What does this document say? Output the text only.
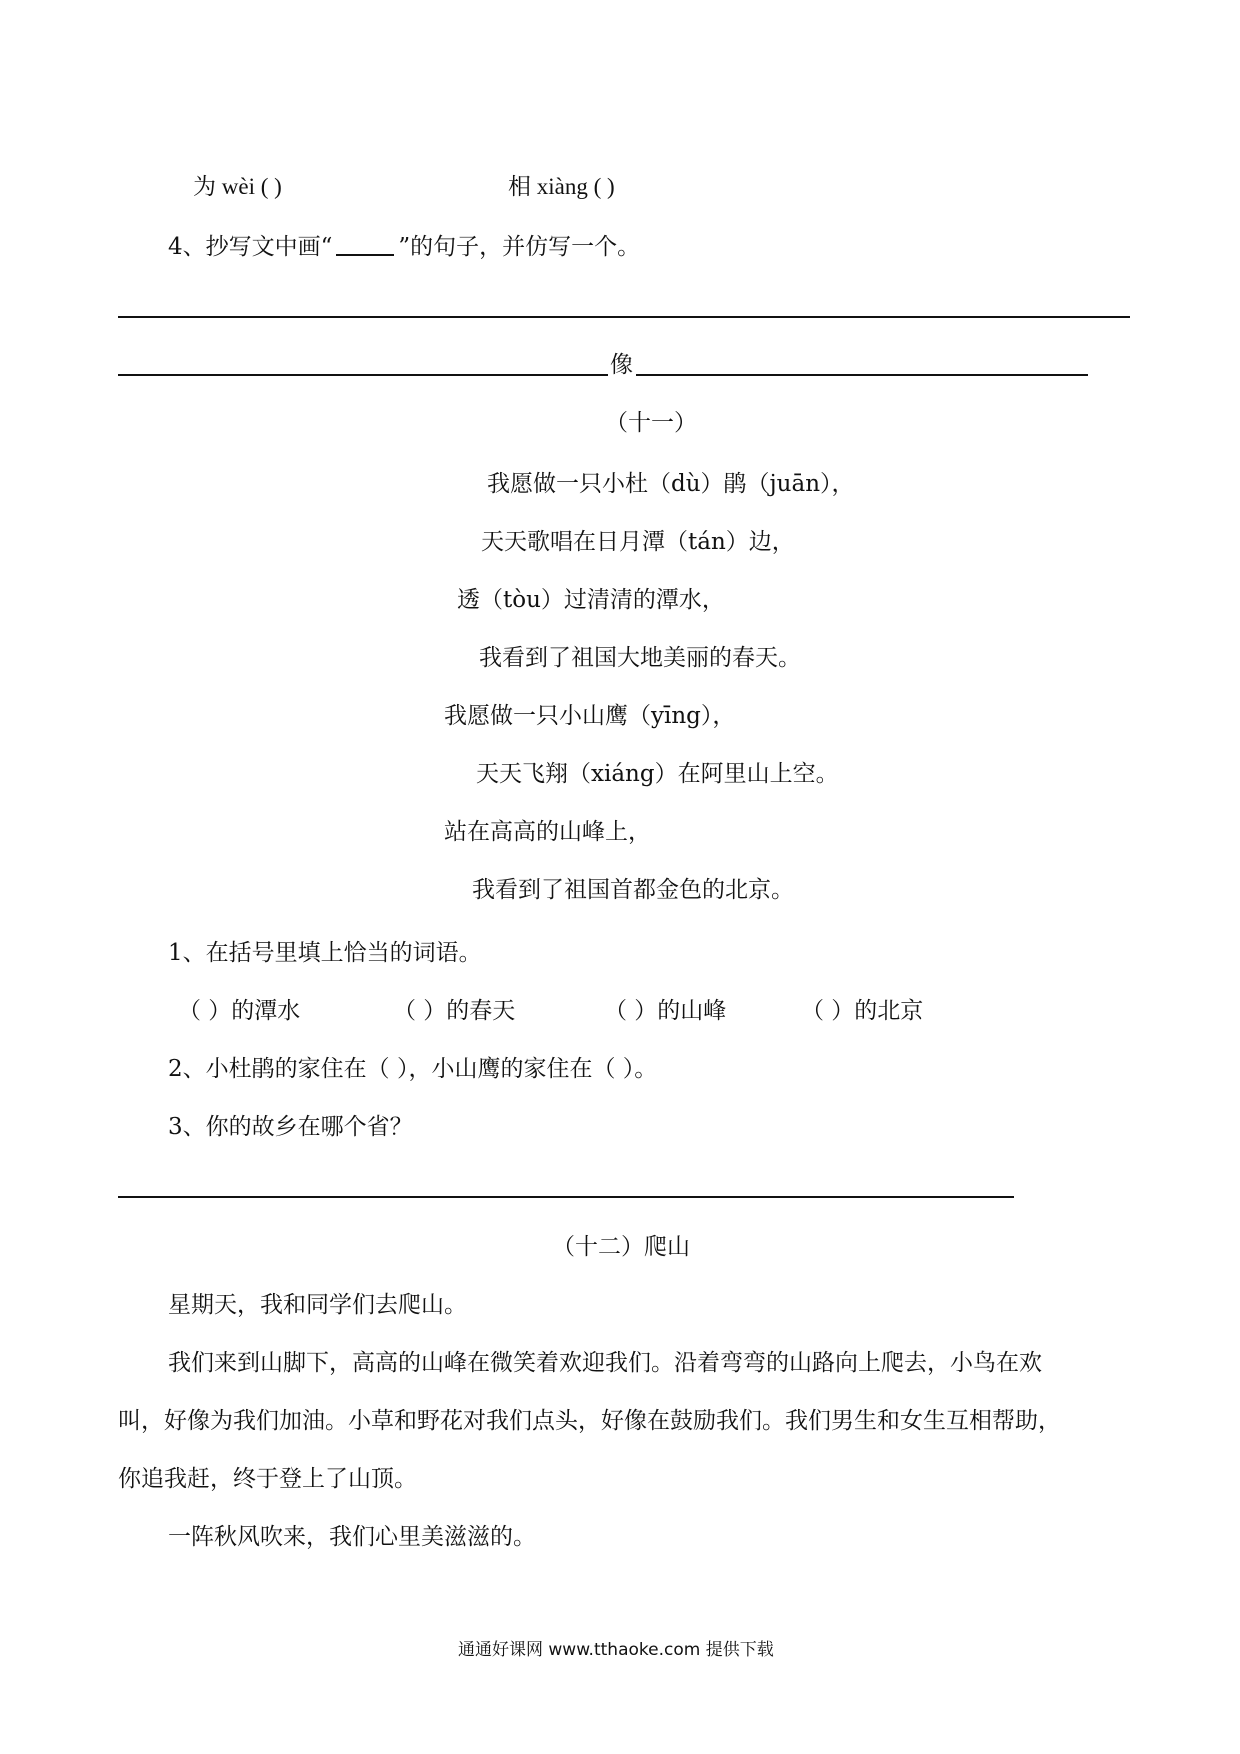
为 wèi ( )	相 xiàng ( )
4、抄写文中画“	”的句子，并仿写一个。
像
（十一）
我愿做一只小杜（dù）鹃（juān），
天天歌唱在日月潭（tán）边，
透（tòu）过清清的潭水，
我看到了祖国大地美丽的春天。
我愿做一只小山鹰（yīng），
天天飞翔（xiáng）在阿里山上空。
站在高高的山峰上，
我看到了祖国首都金色的北京。
1、在括号里填上恰当的词语。
（ ）的潭水	（ ）的春天	（ ）的山峰	（ ）的北京
2、小杜鹃的家住在（ ），小山鹰的家住在（ ）。
3、你的故乡在哪个省？
（十二）爬山
星期天，我和同学们去爬山。
我们来到山脚下，高高的山峰在微笑着欢迎我们。沿着弯弯的山路向上爬去，小鸟在欢
叫，好像为我们加油。小草和野花对我们点头，好像在鼓励我们。我们男生和女生互相帮助，
你追我赶，终于登上了山顶。
一阵秋风吹来，我们心里美滋滋的。
通通好课网 www.tthaoke.com 提供下载
